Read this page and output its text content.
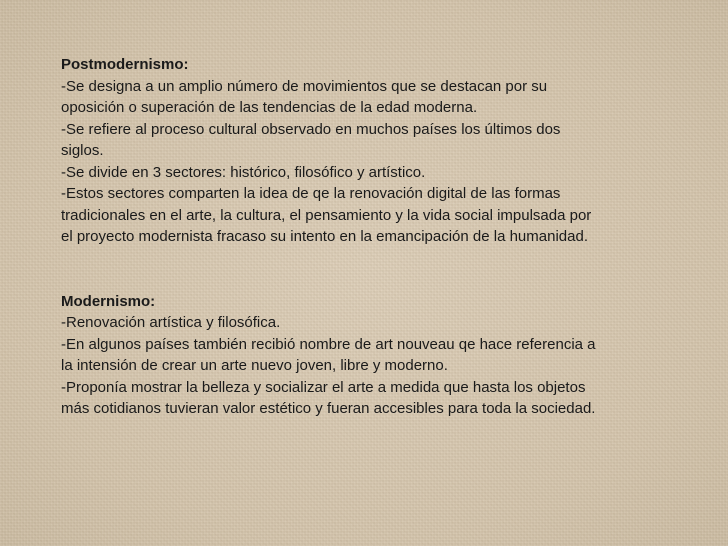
Postmodernismo:
-Se designa a un amplio número de movimientos que se destacan por su
oposición o superación de las tendencias de la edad moderna.
-Se refiere al proceso cultural observado en muchos países los últimos dos
siglos.
-Se divide en 3 sectores: histórico, filosófico y artístico.
-Estos sectores comparten la idea de qe la renovación digital de las formas
tradicionales en el arte, la cultura, el pensamiento y la vida social impulsada por
el proyecto modernista fracaso su intento en la emancipación de la humanidad.
Modernismo:
-Renovación artística y filosófica.
-En algunos países también recibió nombre de art nouveau qe hace referencia a
la intensión de crear un arte nuevo joven, libre y moderno.
-Proponía mostrar la belleza y socializar el arte a medida que hasta los objetos
más cotidianos tuvieran valor estético y fueran accesibles para toda la sociedad.
